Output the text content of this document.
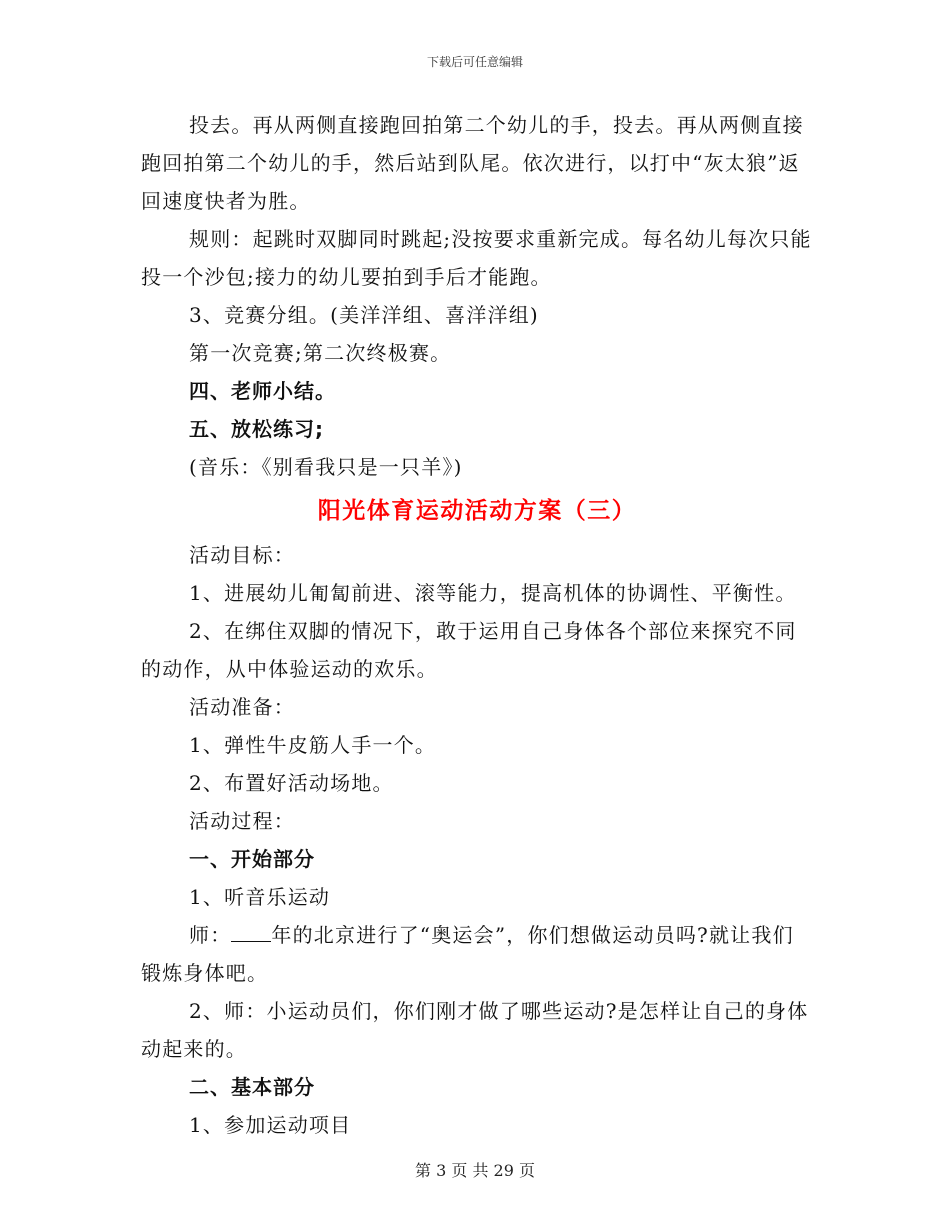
下载后可任意编辑

投去。再从两侧直接跑回拍第二个幼儿的手，投去。再从两侧直接跑回拍第二个幼儿的手，然后站到队尾。依次进行，以打中“灰太狼”返回速度快者为胜。

规则：起跳时双脚同时跳起;没按要求重新完成。每名幼儿每次只能投一个沙包;接力的幼儿要拍到手后才能跑。

3、竞赛分组。(美洋洋组、喜洋洋组)

第一次竞赛;第二次终极赛。

四、老师小结。

五、放松练习;

(音乐：《别看我只是一只羊》)

阳光体育运动活动方案（三）

活动目标：

1、进展幼儿匍匐前进、滚等能力，提高机体的协调性、平衡性。

2、在绑住双脚的情况下，敢于运用自己身体各个部位来探究不同的动作，从中体验运动的欢乐。

活动准备：

1、弹性牛皮筋人手一个。

2、布置好活动场地。

活动过程：

一、开始部分

1、听音乐运动

师： 年的北京进行了“奥运会”，你们想做运动员吗?就让我们锻炼身体吧。

2、师：小运动员们，你们刚才做了哪些运动?是怎样让自己的身体动起来的。

二、基本部分

1、参加运动项目

第 3 页 共 29 页
